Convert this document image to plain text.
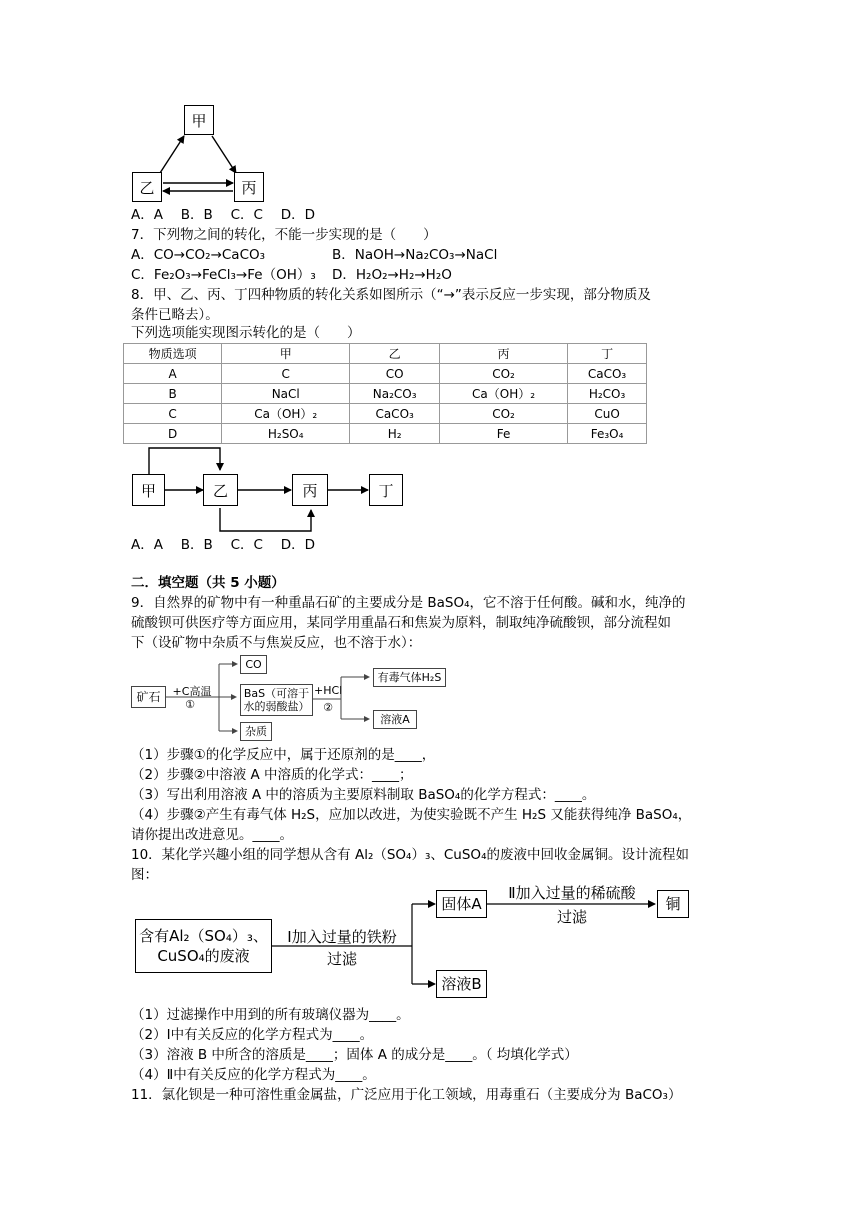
甲
乙	丙
A．A　 B．B　 C．C　 D．D
7．下列物之间的转化，不能一步实现的是（　　）
A．CO→CO₂→CaCO₃	B．NaOH→Na₂CO₃→NaCl
C．Fe₂O₃→FeCl₃→Fe（OH）₃ D．H₂O₂→H₂→H₂O
8．甲、乙、丙、丁四种物质的转化关系如图所示（“→”表示反应一步实现，部分物质及
条件已略去）。
下列选项能实现图示转化的是（　　）
物质选项	甲	乙	丙	丁
A	C	CO	CO₂	CaCO₃
B	NaCl	Na₂CO₃	Ca（OH）₂	H₂CO₃
C	Ca（OH）₂	CaCO₃	CO₂	CuO
D	H₂SO₄	H₂	Fe	Fe₃O₄
甲	乙	丙	丁
A．A　 B．B　 C．C　 D．D
二．填空题（共 5 小题）
9．自然界的矿物中有一种重晶石矿的主要成分是 BaSO₄，它不溶于任何酸。碱和水，纯净的
硫酸钡可供医疗等方面应用，某同学用重晶石和焦炭为原料，制取纯净硫酸钡，部分流程如
下（设矿物中杂质不与焦炭反应，也不溶于水）：
矿石	+C高温
①
CO
BaS（可溶于水的弱酸盐）
杂质
+HCl
②
有毒气体H₂S
溶液A
（1）步骤①的化学反应中，属于还原剂的是____，
（2）步骤②中溶液 A 中溶质的化学式：____；
（3）写出利用溶液 A 中的溶质为主要原料制取 BaSO₄的化学方程式：____。
（4）步骤②产生有毒气体 H₂S，应加以改进，为使实验既不产生 H₂S 又能获得纯净 BaSO₄，
请你提出改进意见。____。
10．某化学兴趣小组的同学想从含有 Al₂（SO₄）₃、CuSO₄的废液中回收金属铜。设计流程如
图：
含有Al₂（SO₄）₃、
CuSO₄的废液
Ⅰ加入过量的铁粉
过滤
固体A
溶液B
Ⅱ加入过量的稀硫酸
过滤
铜
（1）过滤操作中用到的所有玻璃仪器为____。
（2）Ⅰ中有关反应的化学方程式为____。
（3）溶液 B 中所含的溶质是____；固体 A 的成分是____。（ 均填化学式）
（4）Ⅱ中有关反应的化学方程式为____。
11．氯化钡是一种可溶性重金属盐，广泛应用于化工领域，用毒重石（主要成分为 BaCO₃）
